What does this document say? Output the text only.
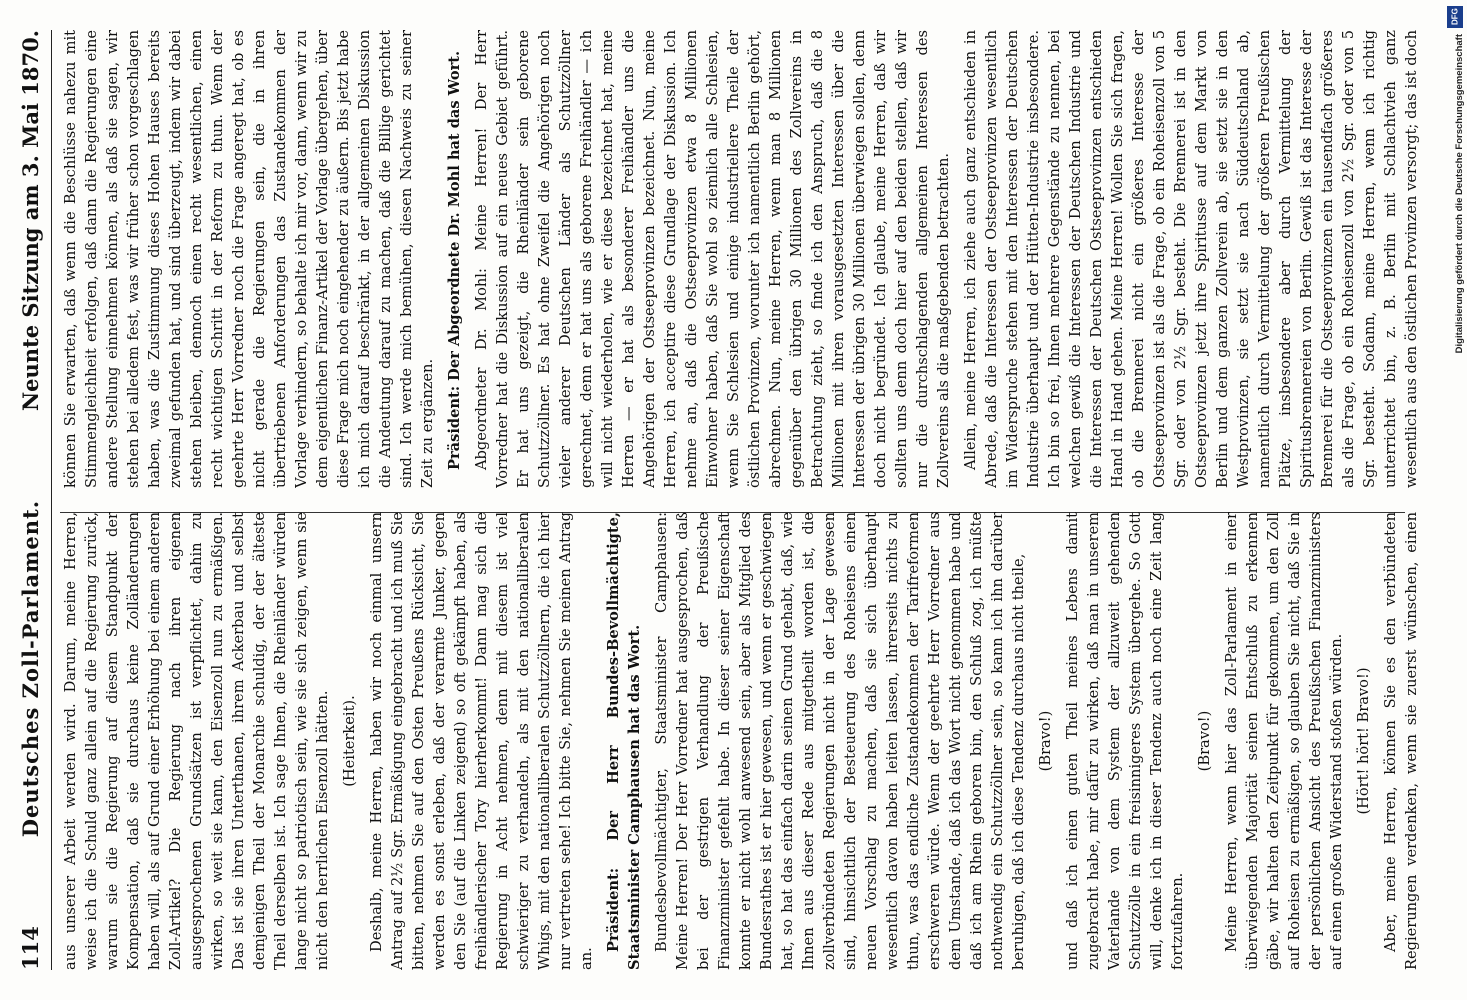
114
Deutsches Zoll-Parlament.
Neunte Sitzung am 3. Mai 1870.

aus unserer Arbeit werden wird. Darum, meine Herren, weise ich die Schuld ganz allein auf die Regierung zurück, warum sie die Regierung auf diesem Standpunkt der Kompensation, daß sie durchaus keine Zolländerungen haben will, als auf Grund einer Erhöhung bei einem anderen Zoll-Artikel? Die Regierung nach ihren eigenen ausgesprochenen Grundsätzen ist verpflichtet, dahin zu wirken, so weit sie kann, den Eisenzoll nun zu ermäßigen. Das ist sie ihren Unterthanen, ihrem Ackerbau und selbst demjenigen Theil der Monarchie schuldig, der der älteste Theil derselben ist. Ich sage Ihnen, die Rheinländer würden lange nicht so patriotisch sein, wie sie sich zeigen, wenn sie nicht den herrlichen Eisenzoll hätten. (Heiterkeit). Deshalb, meine Herren, haben wir noch einmal unsern Antrag auf 2½ Sgr. Ermäßigung eingebracht und ich muß Sie bitten, nehmen Sie auf den Osten Preußens Rücksicht, Sie werden es sonst erleben, daß der verarmte Junker, gegen den Sie (auf die Linken zeigend) so oft gekämpft haben, als freihändlerischer Tory hierherkommt! Dann mag sich die Regierung in Acht nehmen, denn mit diesem ist viel schwieriger zu verhandeln, als mit den nationalliberalen Whigs, mit den nationalliberalen Schutzzöllnern, die ich hier nur vertreten sehe! Ich bitte Sie, nehmen Sie meinen Antrag an.

Präsident: Der Herr Bundes-Bevollmächtigte, Staatsminister Camphausen hat das Wort. Bundesbevollmächtigter, Staatsminister Camphausen: Meine Herren! Der Herr Vorredner hat ausgesprochen, daß bei der gestrigen Verhandlung der Preußische Finanzminister gefehlt habe. In dieser seiner Eigenschaft konnte er nicht wohl anwesend sein, aber als Mitglied des Bundesrathes ist er hier gewesen, und wenn er geschwiegen hat, so hat das einfach darin seinen Grund gehabt, daß, wie Ihnen aus dieser Rede aus mitgetheilt worden ist, die zollverbündeten Regierungen nicht in der Lage gewesen sind, hinsichtlich der Besteuerung des Roheisens einen neuen Vorschlag zu machen, daß sie sich überhaupt wesentlich davon haben leiten lassen, ihrerseits nichts zu thun, was das endliche Zustandekommen der Tarifreformen erschweren würde. Wenn der geehrte Herr Vorredner aus dem Umstande, daß ich das Wort nicht genommen habe und daß ich am Rhein geboren bin, den Schluß zog, ich müßte nothwendig ein Schutzzöllner sein, so kann ich ihn darüber beruhigen, daß ich diese Tendenz durchaus nicht theile, (Bravo!) und daß ich einen guten Theil meines Lebens damit zugebracht habe, mir dafür zu wirken, daß man in unserem Vaterlande von dem System der allzuweit gehenden Schutzzölle in ein freisinnigeres System übergehe. So Gott will, denke ich in dieser Tendenz auch noch eine Zeit lang fortzufahren.

(Bravo!) Meine Herren, wenn hier das Zoll-Parlament in einer überwiegenden Majorität seinen Entschluß zu erkennen gäbe, wir halten den Zeitpunkt für gekommen, um den Zoll auf Roheisen zu ermäßigen, so glauben Sie nicht, daß Sie in der persönlichen Ansicht des Preußischen Finanzministers auf einen großen Widerstand stoßen würden. (Hört! hört! Bravo!)

Aber, meine Herren, können Sie es den verbündeten Regierungen verdenken, wenn sie zuerst wünschen, einen

können Sie erwarten, daß wenn die Beschlüsse nahezu mit Stimmengleichheit erfolgen, daß dann die Regierungen eine andere Stellung einnehmen können, als daß sie sagen, wir stehen bei alledem fest, was wir früher schon vorgeschlagen haben, was die Zustimmung dieses Hohen Hauses bereits zweimal gefunden hat, und sind überzeugt, indem wir dabei stehen bleiben, dennoch einen recht wesentlichen, einen recht wichtigen Schritt in der Reform zu thun. Wenn der geehrte Herr Vorredner noch die Frage angeregt hat, ob es nicht gerade die Regierungen sein, die in ihren übertriebenen Anforderungen das Zustandekommen der Vorlage verhindern, so behalte ich mir vor, dann, wenn wir zu dem eigentlichen Finanz-Artikel der Vorlage übergehen, über diese Frage mich noch eingehender zu äußern. Bis jetzt habe ich mich darauf beschränkt, in der allgemeinen Diskussion die Andeutung darauf zu machen, daß die Billige gerichtet sind. Ich werde mich bemühen, diesen Nachweis zu seiner Zeit zu ergänzen. Präsident: Der Abgeordnete Dr. Mohl hat das Wort. Abgeordneter Dr. Mohl: Meine Herren! Der Herr Vorredner hat die Diskussion auf ein neues Gebiet geführt. Er hat uns gezeigt, die Rheinländer sein geborene Schutzzöllner. Es hat ohne Zweifel die Angehörigen noch vieler anderer Deutschen Länder als Schutzzöllner gerechnet, denn er hat uns als geborene Freihändler — ich will nicht wiederholen, wie er diese bezeichnet hat, meine Herren — er hat als besonderer Freihändler uns die Angehörigen der Ostseeprovinzen bezeichnet. Nun, meine Herren, ich acceptire diese Grundlage der Diskussion. Ich nehme an, daß die Ostseeprovinzen etwa 8 Millionen Einwohner haben, daß Sie wohl so ziemlich alle Schlesien, wenn Sie Schlesien und einige industriellere Theile der östlichen Provinzen, worunter ich namentlich Berlin gehört, abrechnen. Nun, meine Herren, wenn man 8 Millionen gegenüber den übrigen 30 Millionen des Zollvereins in Betrachtung zieht, so finde ich den Anspruch, daß die 8 Millionen mit ihren vorausgesetzten Interessen über die Interessen der übrigen 30 Millionen überwiegen sollen, denn doch nicht begründet. Ich glaube, meine Herren, daß wir sollten uns denn doch hier auf den beiden stellen, daß wir nur die durchschlagenden allgemeinen Interessen des Zollvereins als die maßgebenden betrachten. Allein, meine Herren, ich ziehe auch ganz entschieden in Abrede, daß die Interessen der Ostseeprovinzen wesentlich im Widerspruche stehen mit den Interessen der Deutschen Industrie überhaupt und der Hütten-Industrie insbesondere. Ich bin so frei, Ihnen mehrere Gegenstände zu nennen, bei welchen gewiß die Interessen der Deutschen Industrie und die Interessen der Deutschen Ostseeprovinzen entschieden Hand in Hand gehen. Meine Herren! Wollen Sie sich fragen, ob die Brennerei nicht ein größeres Interesse der Ostseeprovinzen ist als die Frage, ob ein Roheisenzoll von 5 Sgr. oder von 2½ Sgr. besteht. Die Brennerei ist in den Ostseeprovinzen jetzt ihre Spiritusse auf dem Markt von Berlin und dem ganzen Zollverein ab, sie setzt sie in den Westprovinzen, sie setzt sie nach Süddeutschland ab, namentlich durch Vermittelung der größeren Preußischen Plätze, insbesondere aber durch Vermittelung der Spiritusbrennereien von Berlin. Gewiß ist das Interesse der Brennerei für die Ostseeprovinzen ein tausendfach größeres als die Frage, ob ein Roheisenzoll von 2½ Sgr. oder von 5 Sgr. besteht. Sodann, meine Herren, wenn ich richtig unterrichtet bin, z. B. Berlin mit Schlachtvieh ganz wesentlich aus den östlichen Provinzen versorgt; das ist doch

DFG
Digitalisierung gefördert durch die Deutsche Forschungsgemeinschaft
